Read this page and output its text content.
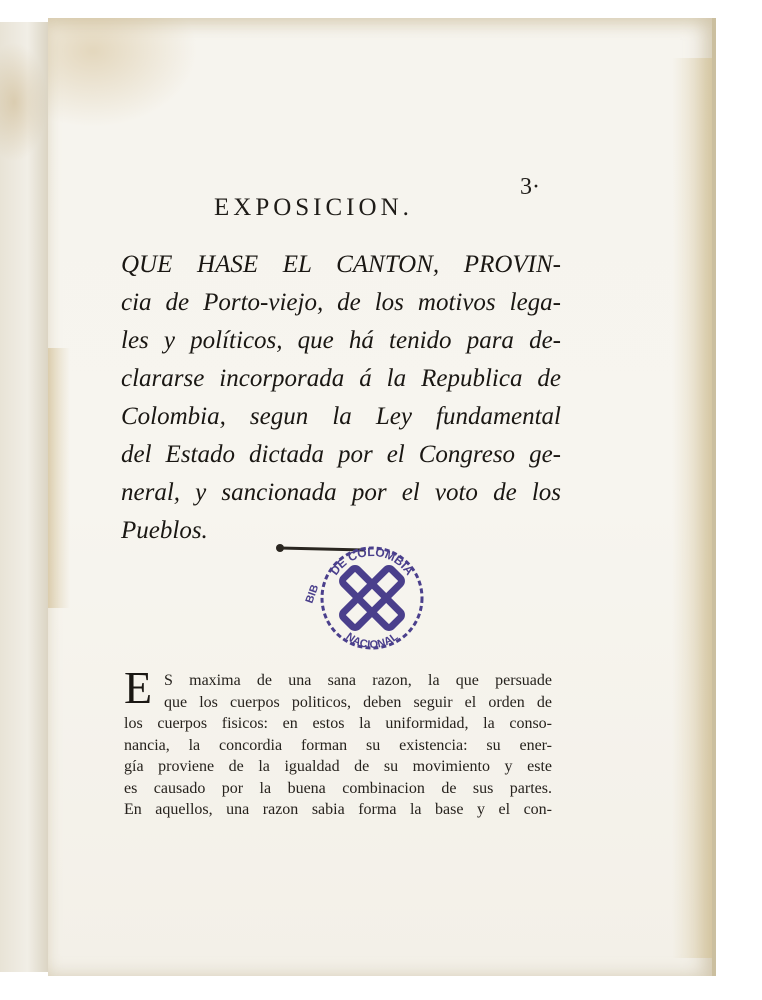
3·
EXPOSICION.
QUE HASE EL CANTON, PROVIN-
cia de Porto-viejo, de los motivos lega-
les y políticos, que há tenido para de-
clararse incorporada á la Republica de
Colombia, segun la Ley fundamental
del Estado dictada por el Congreso ge-
neral, y sancionada por el voto de los
Pueblos.
DE COLOMBIA
NACIONAL
BIB
E S maxima de una sana razon, la que persuade
que los cuerpos politicos, deben seguir el orden de
los cuerpos fisicos: en estos la uniformidad, la conso-
nancia, la concordia forman su existencia: su ener-
gía proviene de la igualdad de su movimiento y este
es causado por la buena combinacion de sus partes.
En aquellos, una razon sabia forma la base y el con-
